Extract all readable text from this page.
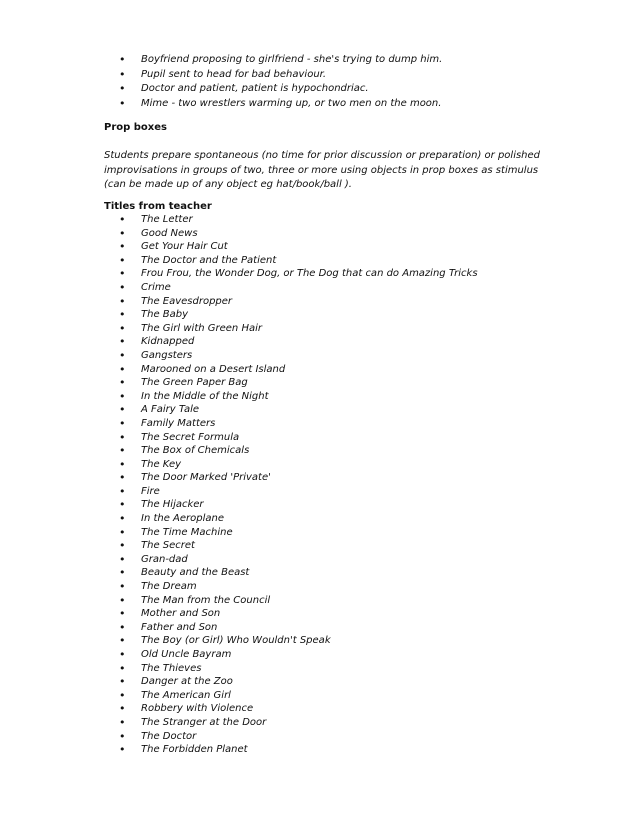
• Boyfriend proposing to girlfriend - she's trying to dump him.
• Pupil sent to head for bad behaviour.
• Doctor and patient, patient is hypochondriac.
• Mime - two wrestlers warming up, or two men on the moon.
Prop boxes

Students prepare spontaneous (no time for prior discussion or preparation) or polished improvisations in groups of two, three or more using objects in prop boxes as stimulus (can be made up of any object eg hat/book/ball ).

Titles from teacher
• The Letter
• Good News
• Get Your Hair Cut
• The Doctor and the Patient
• Frou Frou, the Wonder Dog, or The Dog that can do Amazing Tricks
• Crime
• The Eavesdropper
• The Baby
• The Girl with Green Hair
• Kidnapped
• Gangsters
• Marooned on a Desert Island
• The Green Paper Bag
• In the Middle of the Night
• A Fairy Tale
• Family Matters
• The Secret Formula
• The Box of Chemicals
• The Key
• The Door Marked 'Private'
• Fire
• The Hijacker
• In the Aeroplane
• The Time Machine
• The Secret
• Gran-dad
• Beauty and the Beast
• The Dream
• The Man from the Council
• Mother and Son
• Father and Son
• The Boy (or Girl) Who Wouldn't Speak
• Old Uncle Bayram
• The Thieves
• Danger at the Zoo
• The American Girl
• Robbery with Violence
• The Stranger at the Door
• The Doctor
• The Forbidden Planet
